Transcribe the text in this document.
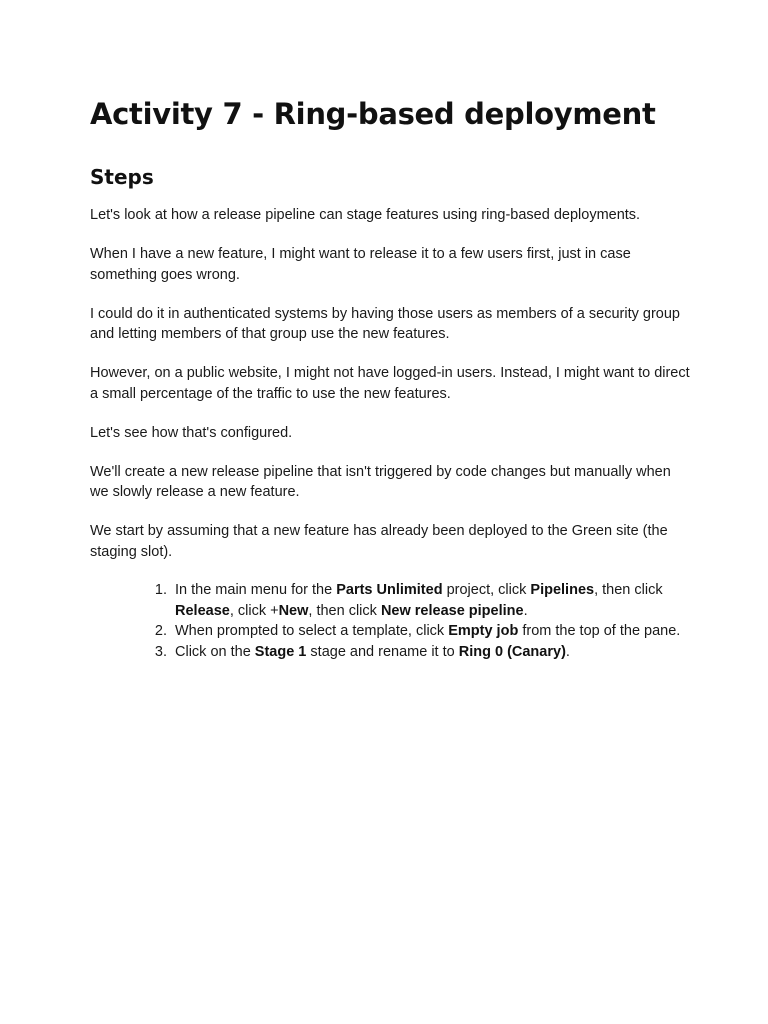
Activity 7 - Ring-based deployment
Steps

Let's look at how a release pipeline can stage features using ring-based deployments.

When I have a new feature, I might want to release it to a few users first, just in case something goes wrong.

I could do it in authenticated systems by having those users as members of a security group and letting members of that group use the new features.

However, on a public website, I might not have logged-in users. Instead, I might want to direct a small percentage of the traffic to use the new features.

Let's see how that's configured.

We'll create a new release pipeline that isn't triggered by code changes but manually when we slowly release a new feature.

We start by assuming that a new feature has already been deployed to the Green site (the staging slot).

1. In the main menu for the Parts Unlimited project, click Pipelines, then click Release, click +New, then click New release pipeline.
2. When prompted to select a template, click Empty job from the top of the pane.
3. Click on the Stage 1 stage and rename it to Ring 0 (Canary).
